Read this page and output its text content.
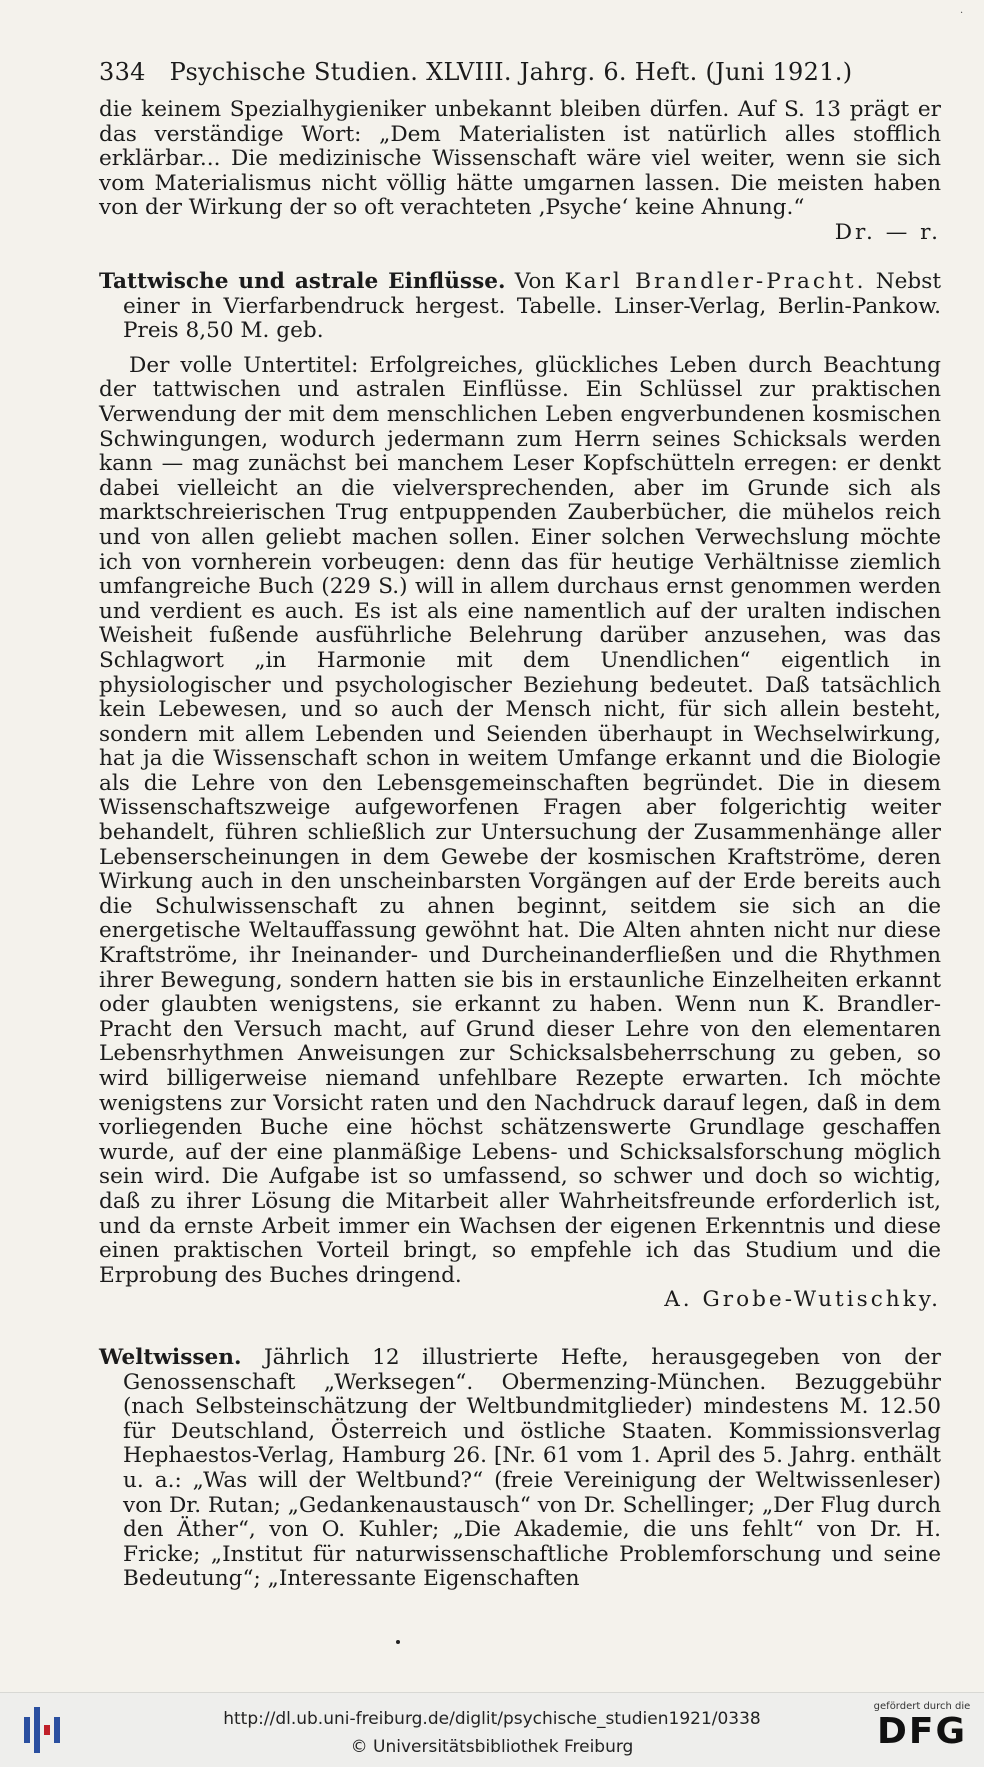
334 Psychische Studien. XLVIII. Jahrg. 6. Heft. (Juni 1921.)

die keinem Spezialhygieniker unbekannt bleiben dürfen. Auf S. 13 prägt er das verständige Wort: „Dem Materialisten ist natürlich alles stofflich erklärbar... Die medizinische Wissenschaft wäre viel weiter, wenn sie sich vom Materialismus nicht völlig hätte umgarnen lassen. Die meisten haben von der Wirkung der so oft verachteten ‚Psyche‘ keine Ahnung.“

Dr. — r.

Tattwische und astrale Einflüsse. Von Karl Brandler-Pracht. Nebst einer in Vierfarbendruck hergest. Tabelle. Linser-Verlag, Berlin-Pankow. Preis 8,50 M. geb.

Der volle Untertitel: Erfolgreiches, glückliches Leben durch Beachtung der tattwischen und astralen Einflüsse. Ein Schlüssel zur praktischen Verwendung der mit dem menschlichen Leben engverbundenen kosmischen Schwingungen, wodurch jedermann zum Herrn seines Schicksals werden kann — mag zunächst bei manchem Leser Kopfschütteln erregen: er denkt dabei vielleicht an die vielversprechenden, aber im Grunde sich als marktschreierischen Trug entpuppenden Zauberbücher, die mühelos reich und von allen geliebt machen sollen. Einer solchen Verwechslung möchte ich von vornherein vorbeugen: denn das für heutige Verhältnisse ziemlich umfangreiche Buch (229 S.) will in allem durchaus ernst genommen werden und verdient es auch. Es ist als eine namentlich auf der uralten indischen Weisheit fußende ausführliche Belehrung darüber anzusehen, was das Schlagwort „in Harmonie mit dem Unendlichen“ eigentlich in physiologischer und psychologischer Beziehung bedeutet. Daß tatsächlich kein Lebewesen, und so auch der Mensch nicht, für sich allein besteht, sondern mit allem Lebenden und Seienden überhaupt in Wechselwirkung, hat ja die Wissenschaft schon in weitem Umfange erkannt und die Biologie als die Lehre von den Lebensgemeinschaften begründet. Die in diesem Wissenschaftszweige aufgeworfenen Fragen aber folgerichtig weiter behandelt, führen schließlich zur Untersuchung der Zusammenhänge aller Lebenserscheinungen in dem Gewebe der kosmischen Kraftströme, deren Wirkung auch in den unscheinbarsten Vorgängen auf der Erde bereits auch die Schulwissenschaft zu ahnen beginnt, seitdem sie sich an die energetische Weltauffassung gewöhnt hat. Die Alten ahnten nicht nur diese Kraftströme, ihr Ineinander- und Durcheinanderfließen und die Rhythmen ihrer Bewegung, sondern hatten sie bis in erstaunliche Einzelheiten erkannt oder glaubten wenigstens, sie erkannt zu haben. Wenn nun K. Brandler-Pracht den Versuch macht, auf Grund dieser Lehre von den elementaren Lebensrhythmen Anweisungen zur Schicksalsbeherrschung zu geben, so wird billigerweise niemand unfehlbare Rezepte erwarten. Ich möchte wenigstens zur Vorsicht raten und den Nachdruck darauf legen, daß in dem vorliegenden Buche eine höchst schätzenswerte Grundlage geschaffen wurde, auf der eine planmäßige Lebens- und Schicksalsforschung möglich sein wird. Die Aufgabe ist so umfassend, so schwer und doch so wichtig, daß zu ihrer Lösung die Mitarbeit aller Wahrheitsfreunde erforderlich ist, und da ernste Arbeit immer ein Wachsen der eigenen Erkenntnis und diese einen praktischen Vorteil bringt, so empfehle ich das Studium und die Erprobung des Buches dringend.

A. Grobe-Wutischky.

Weltwissen. Jährlich 12 illustrierte Hefte, herausgegeben von der Genossenschaft „Werksegen“. Obermenzing-München. Bezuggebühr (nach Selbsteinschätzung der Weltbundmitglieder) mindestens M. 12.50 für Deutschland, Österreich und östliche Staaten. Kommissionsverlag Hephaestos-Verlag, Hamburg 26. [Nr. 61 vom 1. April des 5. Jahrg. enthält u. a.: „Was will der Weltbund?“ (freie Vereinigung der Weltwissenleser) von Dr. Rutan; „Gedankenaustausch“ von Dr. Schellinger; „Der Flug durch den Äther“, von O. Kuhler; „Die Akademie, die uns fehlt“ von Dr. H. Fricke; „Institut für naturwissenschaftliche Problemforschung und seine Bedeutung“; „Interessante Eigenschaften

·
http://dl.ub.uni-freiburg.de/diglit/psychische_studien1921/0338
© Universitätsbibliothek Freiburg
gefördert durch die
DFG
